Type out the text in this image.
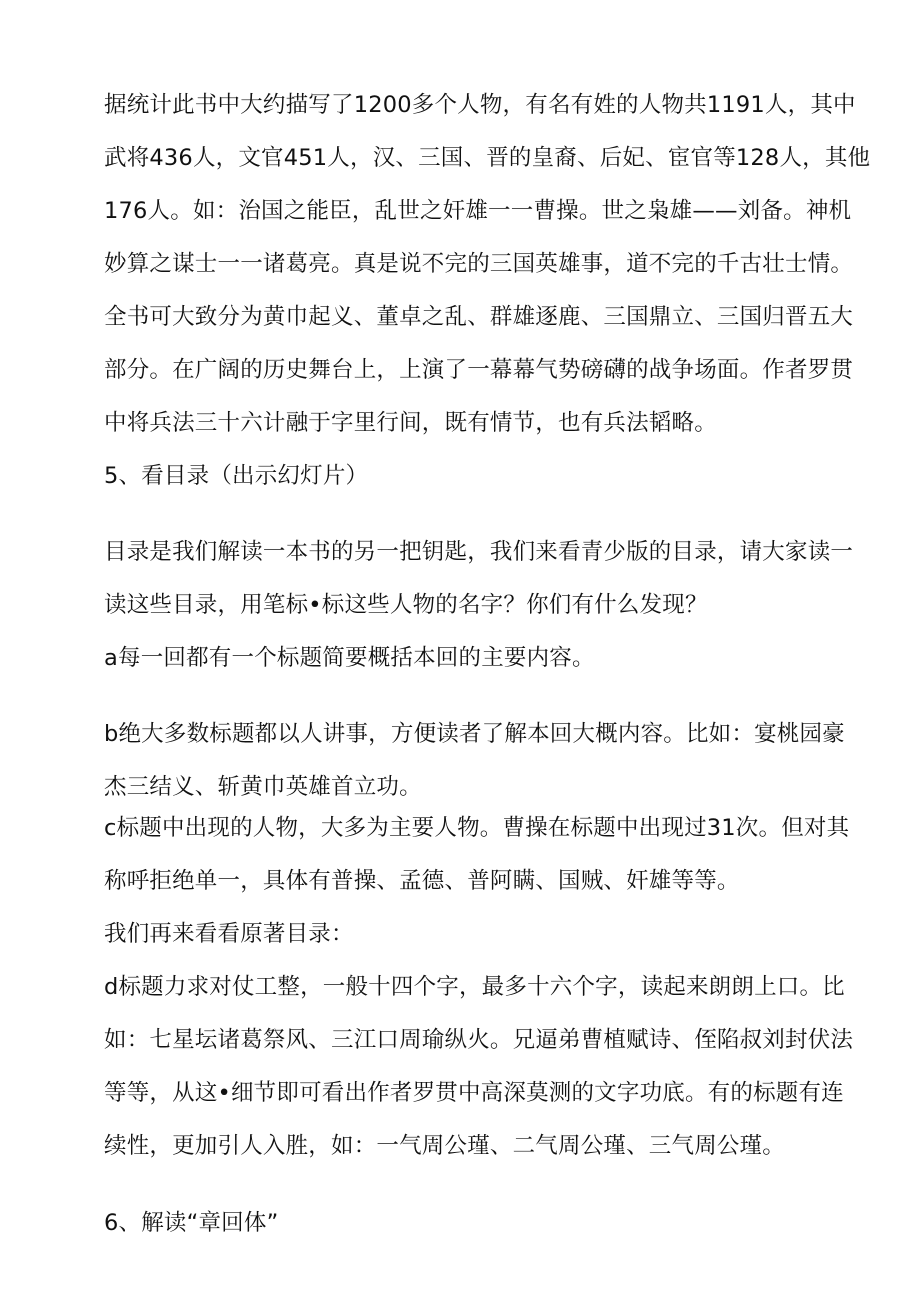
据统计此书中大约描写了1200多个人物，有名有姓的人物共1191人，其中
武将436人，文官451人，汉、三国、晋的皇裔、后妃、宦官等128人，其他
176人。如：治国之能臣，乱世之奸雄一一曹操。世之枭雄——刘备。神机
妙算之谋士一一诸葛亮。真是说不完的三国英雄事，道不完的千古壮士情。
全书可大致分为黄巾起义、董卓之乱、群雄逐鹿、三国鼎立、三国归晋五大
部分。在广阔的历史舞台上，上演了一幕幕气势磅礴的战争场面。作者罗贯
中将兵法三十六计融于字里行间，既有情节，也有兵法韬略。
5、看目录（出示幻灯片）
目录是我们解读一本书的另一把钥匙，我们来看青少版的目录，请大家读一
读这些目录，用笔标•标这些人物的名字？你们有什么发现？
a每一回都有一个标题简要概括本回的主要内容。
b绝大多数标题都以人讲事，方便读者了解本回大概内容。比如：宴桃园豪
杰三结义、斩黄巾英雄首立功。
c标题中出现的人物，大多为主要人物。曹操在标题中出现过31次。但对其
称呼拒绝单一，具体有普操、孟德、普阿瞒、国贼、奸雄等等。
我们再来看看原著目录：
d标题力求对仗工整，一般十四个字，最多十六个字，读起来朗朗上口。比
如：七星坛诸葛祭风、三江口周瑜纵火。兄逼弟曹植赋诗、侄陷叔刘封伏法
等等，从这•细节即可看出作者罗贯中高深莫测的文字功底。有的标题有连
续性，更加引人入胜，如：一气周公瑾、二气周公瑾、三气周公瑾。
6、解读“章回体”
